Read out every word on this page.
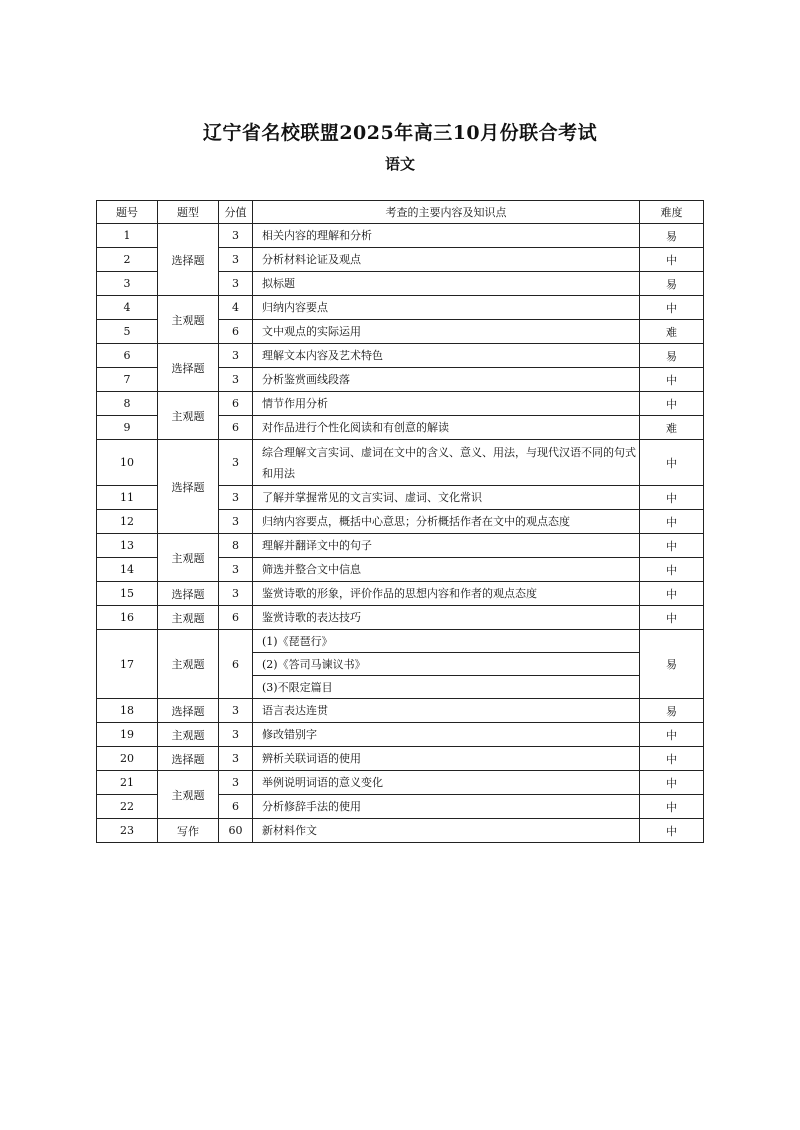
辽宁省名校联盟2025年高三10月份联合考试
语文
题号	题型	分值	考查的主要内容及知识点	难度
1	选择题	3	相关内容的理解和分析	易
2		3	分析材料论证及观点	中
3		3	拟标题	易
4	主观题	4	归纳内容要点	中
5		6	文中观点的实际运用	难
6	选择题	3	理解文本内容及艺术特色	易
7		3	分析鉴赏画线段落	中
8	主观题	6	情节作用分析	中
9		6	对作品进行个性化阅读和有创意的解读	难
10	选择题	3	综合理解文言实词、虚词在文中的含义、意义、用法，与现代汉语不同的句式和用法	中
11		3	了解并掌握常见的文言实词、虚词、文化常识	中
12		3	归纳内容要点，概括中心意思；分析概括作者在文中的观点态度	中
13	主观题	8	理解并翻译文中的句子	中
14		3	筛选并整合文中信息	中
15	选择题	3	鉴赏诗歌的形象，评价作品的思想内容和作者的观点态度	中
16	主观题	6	鉴赏诗歌的表达技巧	中
17	主观题	6	(1)《琵琶行》	易
			(2)《答司马谏议书》	
			(3)不限定篇目	
18	选择题	3	语言表达连贯	易
19	主观题	3	修改错别字	中
20	选择题	3	辨析关联词语的使用	中
21	主观题	3	举例说明词语的意义变化	中
22		6	分析修辞手法的使用	中
23	写作	60	新材料作文	中
